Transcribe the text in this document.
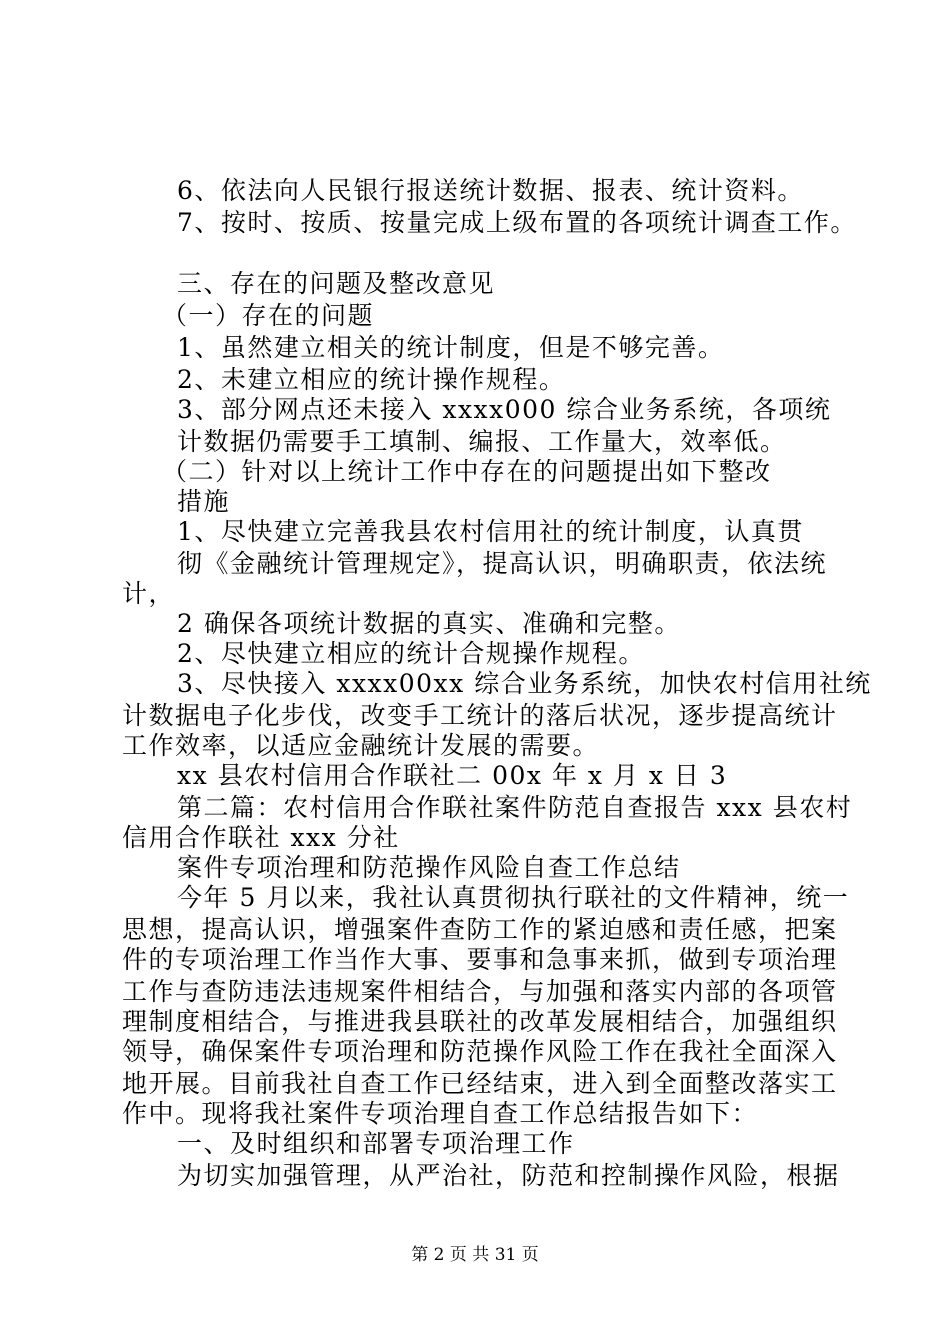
6、依法向人民银行报送统计数据、报表、统计资料。
7、按时、按质、按量完成上级布置的各项统计调查工作。
三、存在的问题及整改意见
（一）存在的问题
1、虽然建立相关的统计制度，但是不够完善。
2、未建立相应的统计操作规程。
3、部分网点还未接入 xxxx000 综合业务系统，各项统
计数据仍需要手工填制、编报、工作量大，效率低。
（二）针对以上统计工作中存在的问题提出如下整改
措施
1、尽快建立完善我县农村信用社的统计制度，认真贯
彻《金融统计管理规定》，提高认识，明确职责，依法统
计，
2 确保各项统计数据的真实、准确和完整。
2、尽快建立相应的统计合规操作规程。
3、尽快接入 xxxx00xx 综合业务系统，加快农村信用社统
计数据电子化步伐，改变手工统计的落后状况，逐步提高统计
工作效率，以适应金融统计发展的需要。
xx 县农村信用合作联社二 00x 年 x 月 x 日 3
第二篇：农村信用合作联社案件防范自查报告 xxx 县农村
信用合作联社 xxx 分社
案件专项治理和防范操作风险自查工作总结
今年 5 月以来，我社认真贯彻执行联社的文件精神，统一
思想，提高认识，增强案件查防工作的紧迫感和责任感，把案
件的专项治理工作当作大事、要事和急事来抓，做到专项治理
工作与查防违法违规案件相结合，与加强和落实内部的各项管
理制度相结合，与推进我县联社的改革发展相结合，加强组织
领导，确保案件专项治理和防范操作风险工作在我社全面深入
地开展。目前我社自查工作已经结束，进入到全面整改落实工
作中。现将我社案件专项治理自查工作总结报告如下：
一、及时组织和部署专项治理工作
为切实加强管理，从严治社，防范和控制操作风险，根据
第 2 页 共 31 页
